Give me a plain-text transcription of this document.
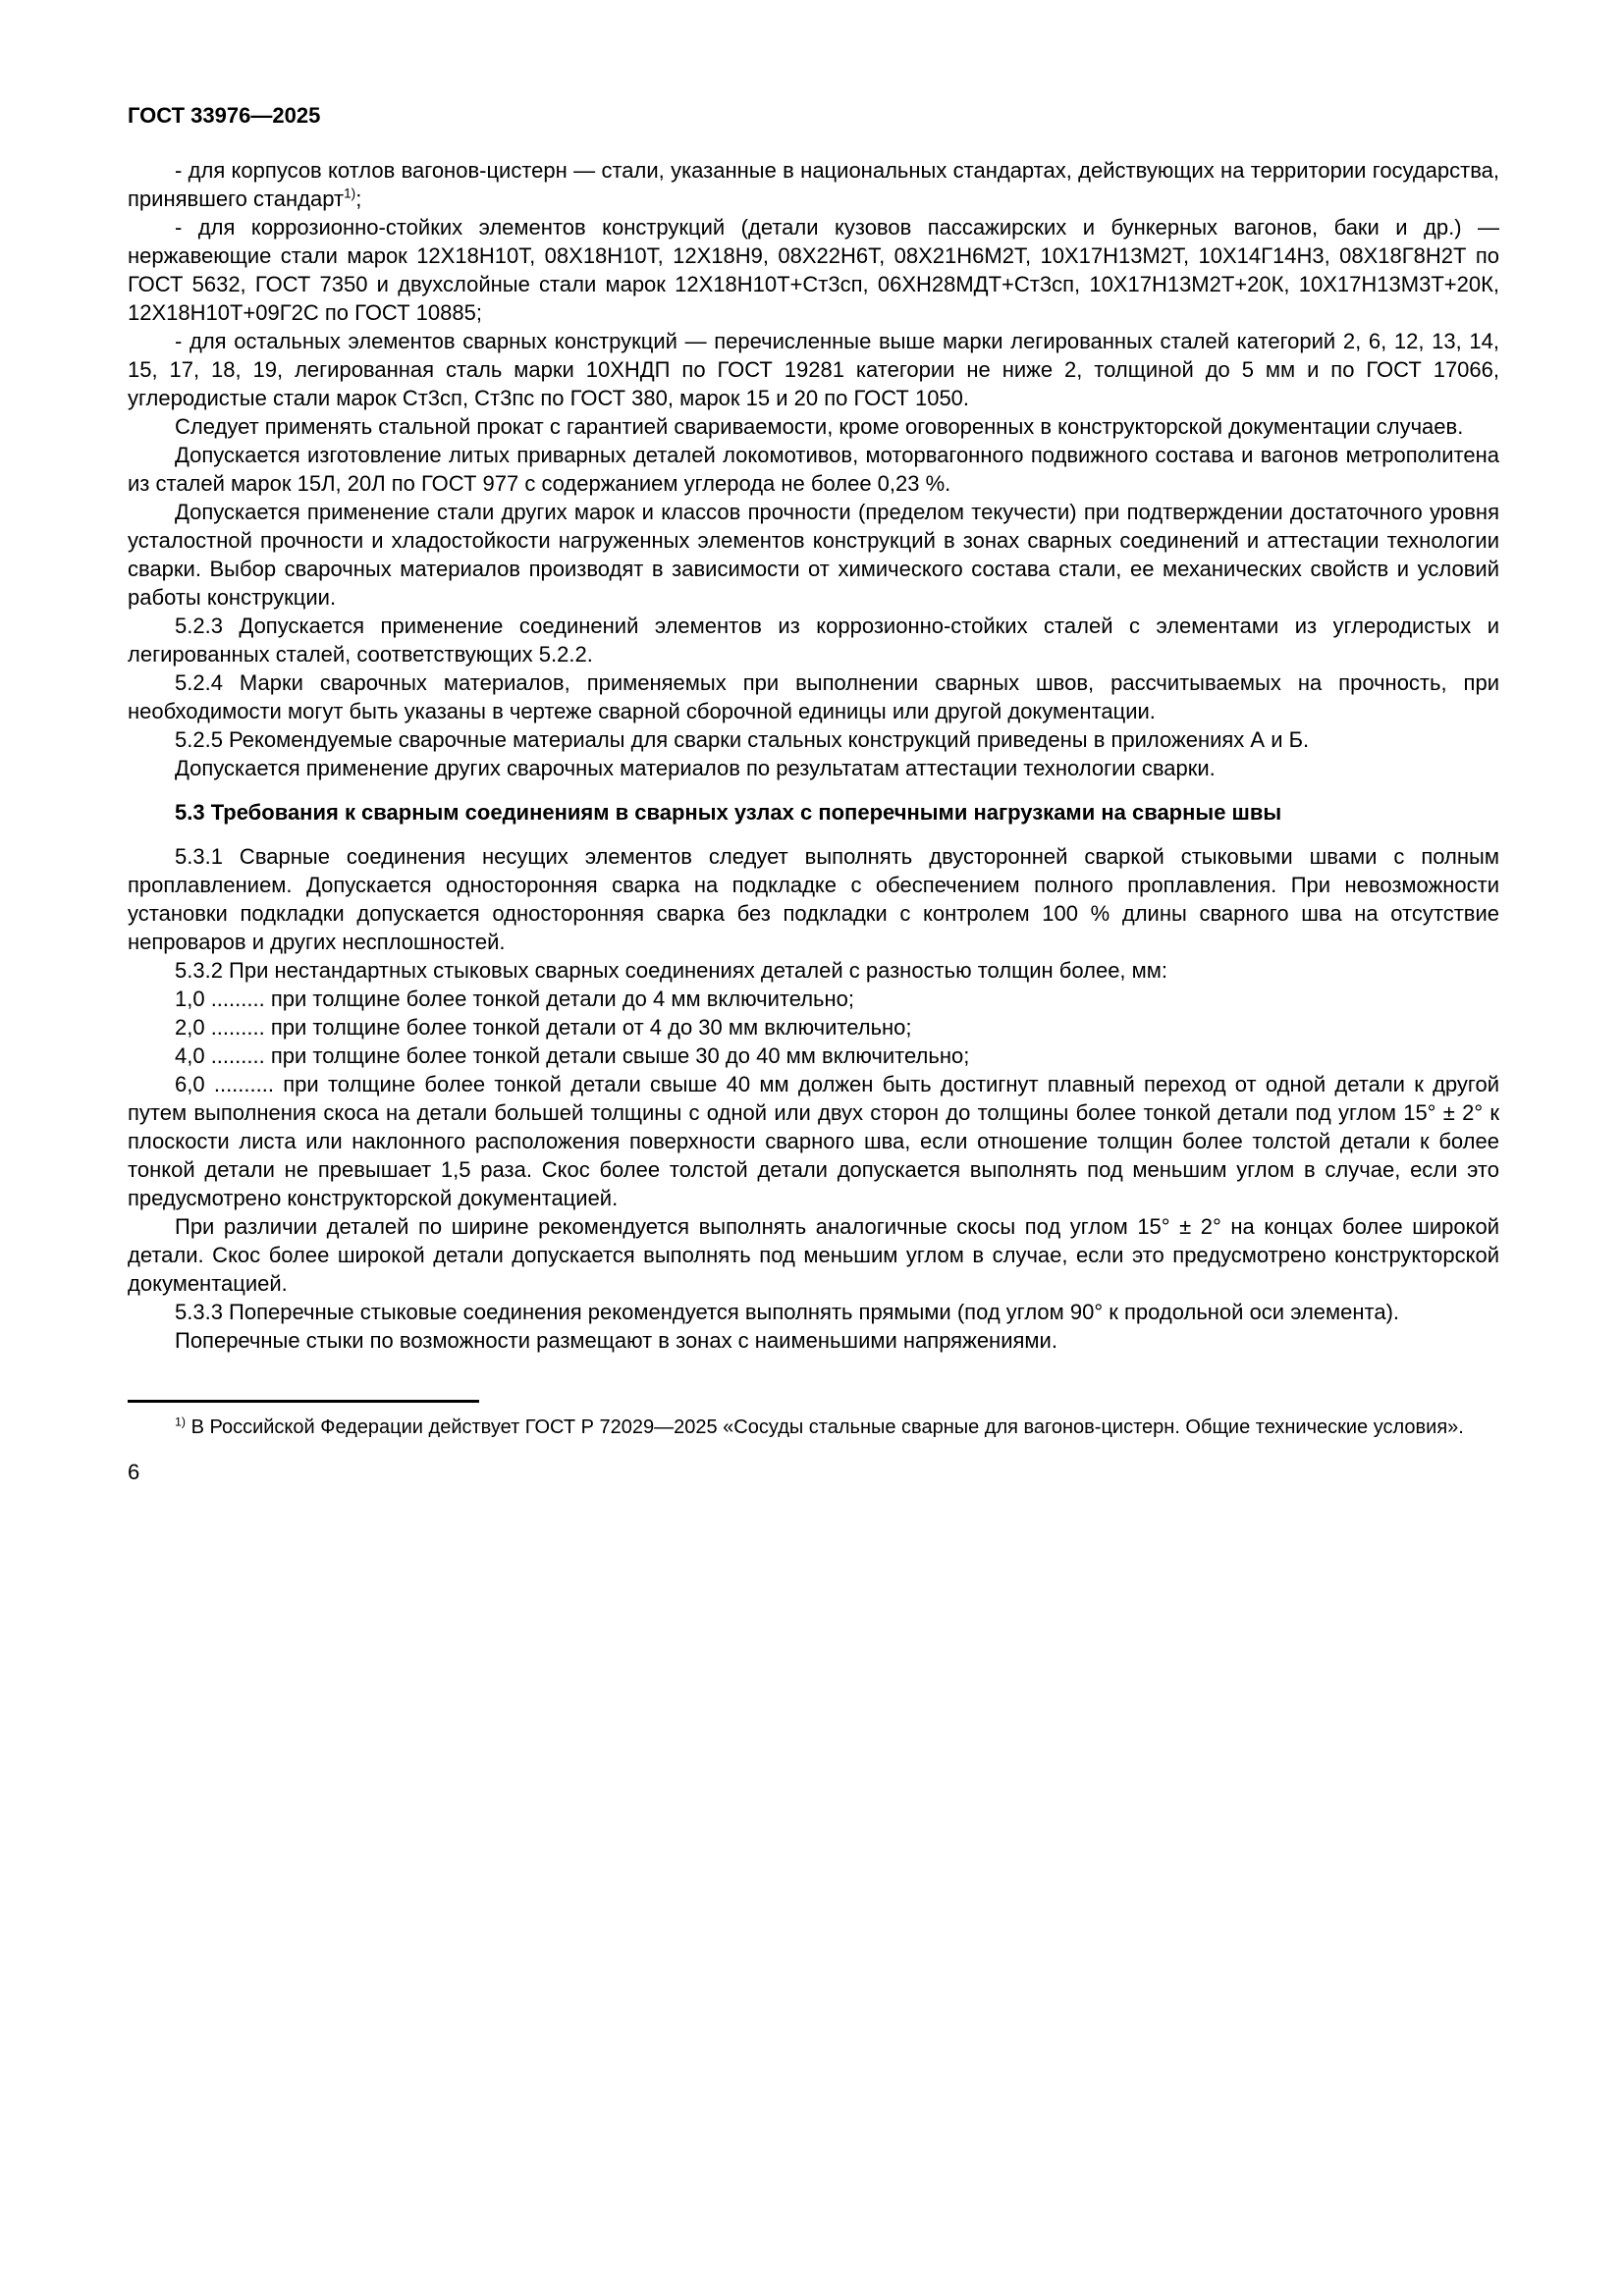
ГОСТ 33976—2025

- для корпусов котлов вагонов-цистерн — стали, указанные в национальных стандартах, действующих на территории государства, принявшего стандарт$^{1)}$;

- для коррозионно-стойких элементов конструкций (детали кузовов пассажирских и бункерных вагонов, баки и др.) — нержавеющие стали марок 12Х18Н10Т, 08Х18Н10Т, 12Х18Н9, 08Х22Н6Т, 08Х21Н6М2Т, 10Х17Н13М2Т, 10Х14Г14Н3, 08Х18Г8Н2Т по ГОСТ 5632, ГОСТ 7350 и двухслойные стали марок 12Х18Н10Т+Ст3сп, 06ХН28МДТ+Ст3сп, 10Х17Н13М2Т+20К, 10Х17Н13М3Т+20К, 12Х18Н10Т+09Г2С по ГОСТ 10885;

- для остальных элементов сварных конструкций — перечисленные выше марки легированных сталей категорий 2, 6, 12, 13, 14, 15, 17, 18, 19, легированная сталь марки 10ХНДП по ГОСТ 19281 категории не ниже 2, толщиной до 5 мм и по ГОСТ 17066, углеродистые стали марок Ст3сп, Ст3пс по ГОСТ 380, марок 15 и 20 по ГОСТ 1050.

Следует применять стальной прокат с гарантией свариваемости, кроме оговоренных в конструкторской документации случаев.

Допускается изготовление литых приварных деталей локомотивов, моторвагонного подвижного состава и вагонов метрополитена из сталей марок 15Л, 20Л по ГОСТ 977 с содержанием углерода не более 0,23 %.

Допускается применение стали других марок и классов прочности (пределом текучести) при подтверждении достаточного уровня усталостной прочности и хладостойкости нагруженных элементов конструкций в зонах сварных соединений и аттестации технологии сварки. Выбор сварочных материалов производят в зависимости от химического состава стали, ее механических свойств и условий работы конструкции.

5.2.3 Допускается применение соединений элементов из коррозионно-стойких сталей с элементами из углеродистых и легированных сталей, соответствующих 5.2.2.

5.2.4 Марки сварочных материалов, применяемых при выполнении сварных швов, рассчитываемых на прочность, при необходимости могут быть указаны в чертеже сварной сборочной единицы или другой документации.

5.2.5 Рекомендуемые сварочные материалы для сварки стальных конструкций приведены в приложениях А и Б.

Допускается применение других сварочных материалов по результатам аттестации технологии сварки.

5.3 Требования к сварным соединениям в сварных узлах с поперечными нагрузками на сварные швы

5.3.1 Сварные соединения несущих элементов следует выполнять двусторонней сваркой стыковыми швами с полным проплавлением. Допускается односторонняя сварка на подкладке с обеспечением полного проплавления. При невозможности установки подкладки допускается односторонняя сварка без подкладки с контролем 100 % длины сварного шва на отсутствие непроваров и других несплошностей.

5.3.2 При нестандартных стыковых сварных соединениях деталей с разностью толщин более, мм:

1,0 ......... при толщине более тонкой детали до 4 мм включительно;

2,0 ......... при толщине более тонкой детали от 4 до 30 мм включительно;

4,0 ......... при толщине более тонкой детали свыше 30 до 40 мм включительно;

6,0 .......... при толщине более тонкой детали свыше 40 мм должен быть достигнут плавный переход от одной детали к другой путем выполнения скоса на детали большей толщины с одной или двух сторон до толщины более тонкой детали под углом 15° ± 2° к плоскости листа или наклонного расположения поверхности сварного шва, если отношение толщин более толстой детали к более тонкой детали не превышает 1,5 раза. Скос более толстой детали допускается выполнять под меньшим углом в случае, если это предусмотрено конструкторской документацией.

При различии деталей по ширине рекомендуется выполнять аналогичные скосы под углом 15° ± 2° на концах более широкой детали. Скос более широкой детали допускается выполнять под меньшим углом в случае, если это предусмотрено конструкторской документацией.

5.3.3 Поперечные стыковые соединения рекомендуется выполнять прямыми (под углом 90° к продольной оси элемента).

Поперечные стыки по возможности размещают в зонах с наименьшими напряжениями.

$^{1)}$ В Российской Федерации действует ГОСТ Р 72029—2025 «Сосуды стальные сварные для вагонов-цистерн. Общие технические условия».

6
